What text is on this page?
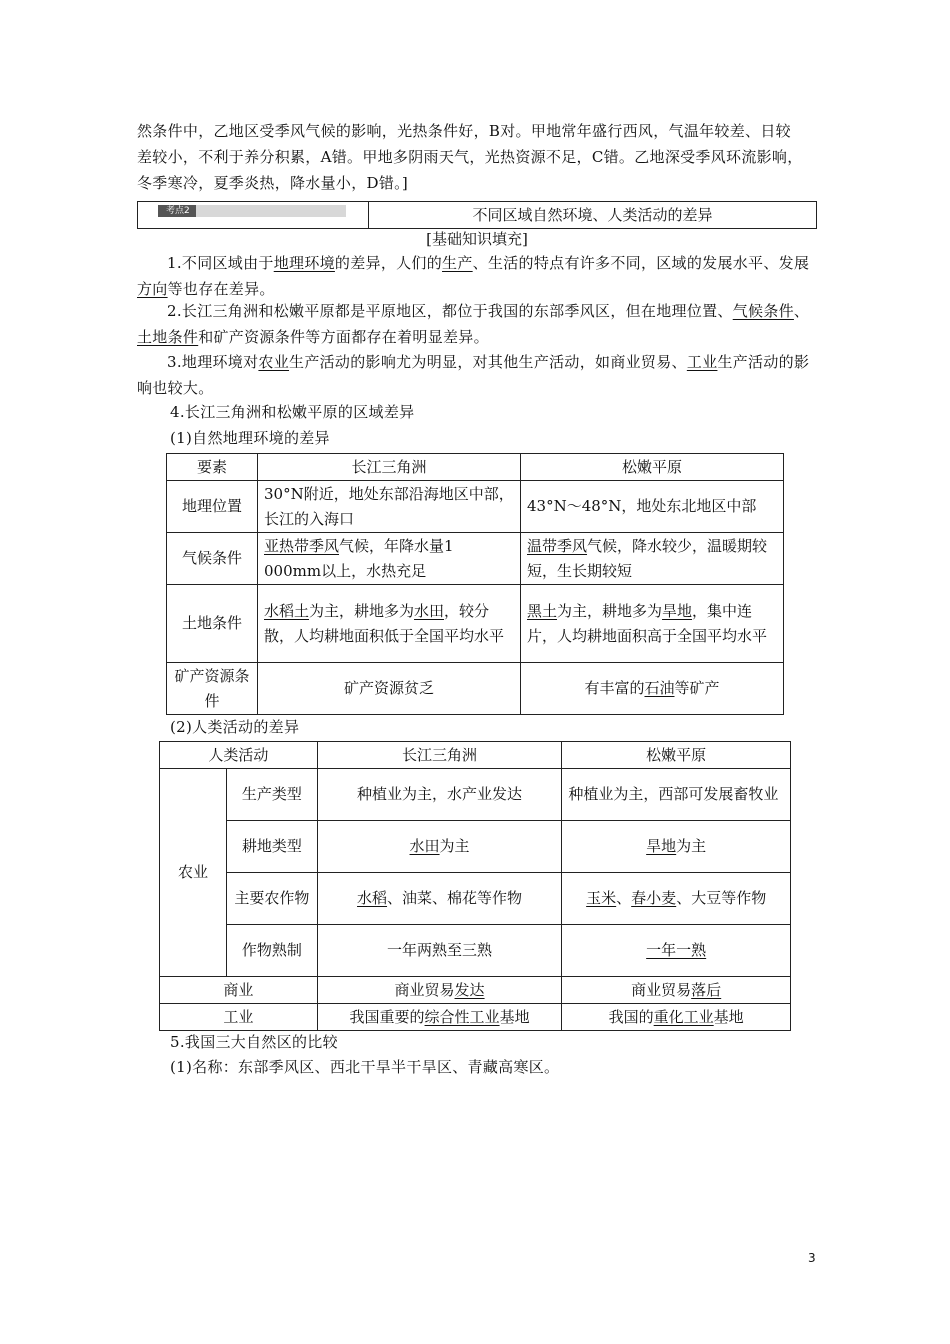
然条件中，乙地区受季风气候的影响，光热条件好，B对。甲地常年盛行西风，气温年较差、日较
差较小，不利于养分积累，A错。甲地多阴雨天气，光热资源不足，C错。乙地深受季风环流影响，
冬季寒冷，夏季炎热，降水量小，D错。]
考点2	不同区域自然环境、人类活动的差异
[基础知识填充]
1.不同区域由于地理环境的差异，人们的生产、生活的特点有许多不同，区域的发展水平、发展方向等也存在差异。
2.长江三角洲和松嫩平原都是平原地区，都位于我国的东部季风区，但在地理位置、气候条件、土地条件和矿产资源条件等方面都存在着明显差异。
3.地理环境对农业生产活动的影响尤为明显，对其他生产活动，如商业贸易、工业生产活动的影响也较大。
4.长江三角洲和松嫩平原的区域差异
(1)自然地理环境的差异
要素	长江三角洲	松嫩平原
地理位置	30°N附近，地处东部沿海地区中部，长江的入海口	43°N～48°N，地处东北地区中部
气候条件	亚热带季风气候，年降水量1 000mm以上，水热充足	温带季风气候，降水较少，温暖期较短，生长期较短
土地条件	水稻土为主，耕地多为水田，较分散，人均耕地面积低于全国平均水平	黑土为主，耕地多为旱地，集中连片，人均耕地面积高于全国平均水平
矿产资源条件	矿产资源贫乏	有丰富的石油等矿产
(2)人类活动的差异
人类活动		长江三角洲	松嫩平原
农业	生产类型	种植业为主，水产业发达	种植业为主，西部可发展畜牧业
	耕地类型	水田为主	旱地为主
	主要农作物	水稻、油菜、棉花等作物	玉米、春小麦、大豆等作物
	作物熟制	一年两熟至三熟	一年一熟
商业		商业贸易发达	商业贸易落后
工业		我国重要的综合性工业基地	我国的重化工业基地
5.我国三大自然区的比较
(1)名称：东部季风区、西北干旱半干旱区、青藏高寒区。
3
